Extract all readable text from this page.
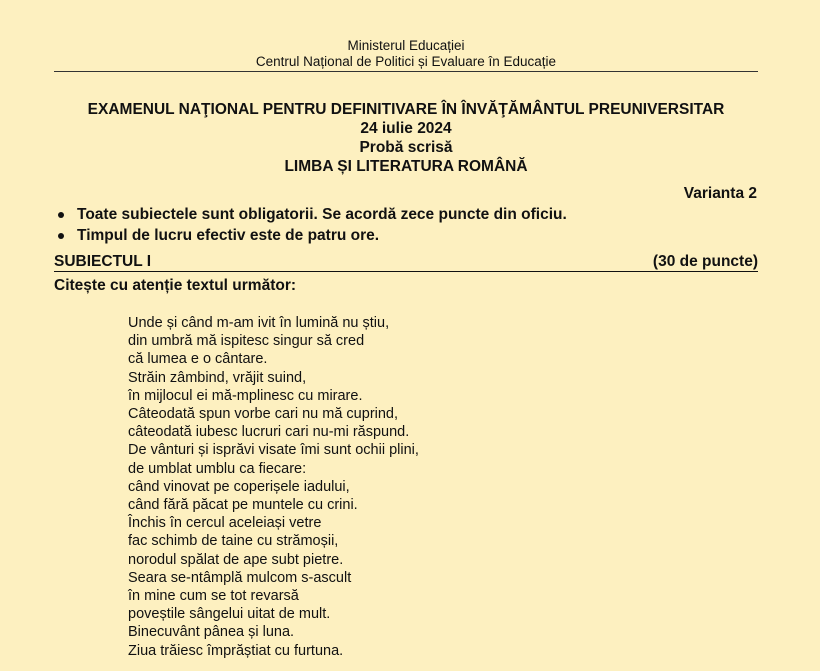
Ministerul Educației
Centrul Național de Politici și Evaluare în Educație
EXAMENUL NAŢIONAL PENTRU DEFINITIVARE ÎN ÎNVĂŢĂMÂNTUL PREUNIVERSITAR
24 iulie 2024
Probă scrisă
LIMBA ȘI LITERATURA ROMÂNĂ
Varianta 2
Toate subiectele sunt obligatorii. Se acordă zece puncte din oficiu.
Timpul de lucru efectiv este de patru ore.
SUBIECTUL I	(30 de puncte)
Citește cu atenție textul următor:
Unde și când m-am ivit în lumină nu știu,
din umbră mă ispitesc singur să cred
că lumea e o cântare.
Străin zâmbind, vrăjit suind,
în mijlocul ei mă-mplinesc cu mirare.
Câteodată spun vorbe cari nu mă cuprind,
câteodată iubesc lucruri cari nu-mi răspund.
De vânturi și isprăvi visate îmi sunt ochii plini,
de umblat umblu ca fiecare:
când vinovat pe coperișele iadului,
când fără păcat pe muntele cu crini.
Închis în cercul aceleiași vetre
fac schimb de taine cu strămoșii,
norodul spălat de ape subt pietre.
Seara se-ntâmplă mulcom s-ascult
în mine cum se tot revarsă
poveștile sângelui uitat de mult.
Binecuvânt pânea și luna.
Ziua trăiesc împrăștiat cu furtuna.
